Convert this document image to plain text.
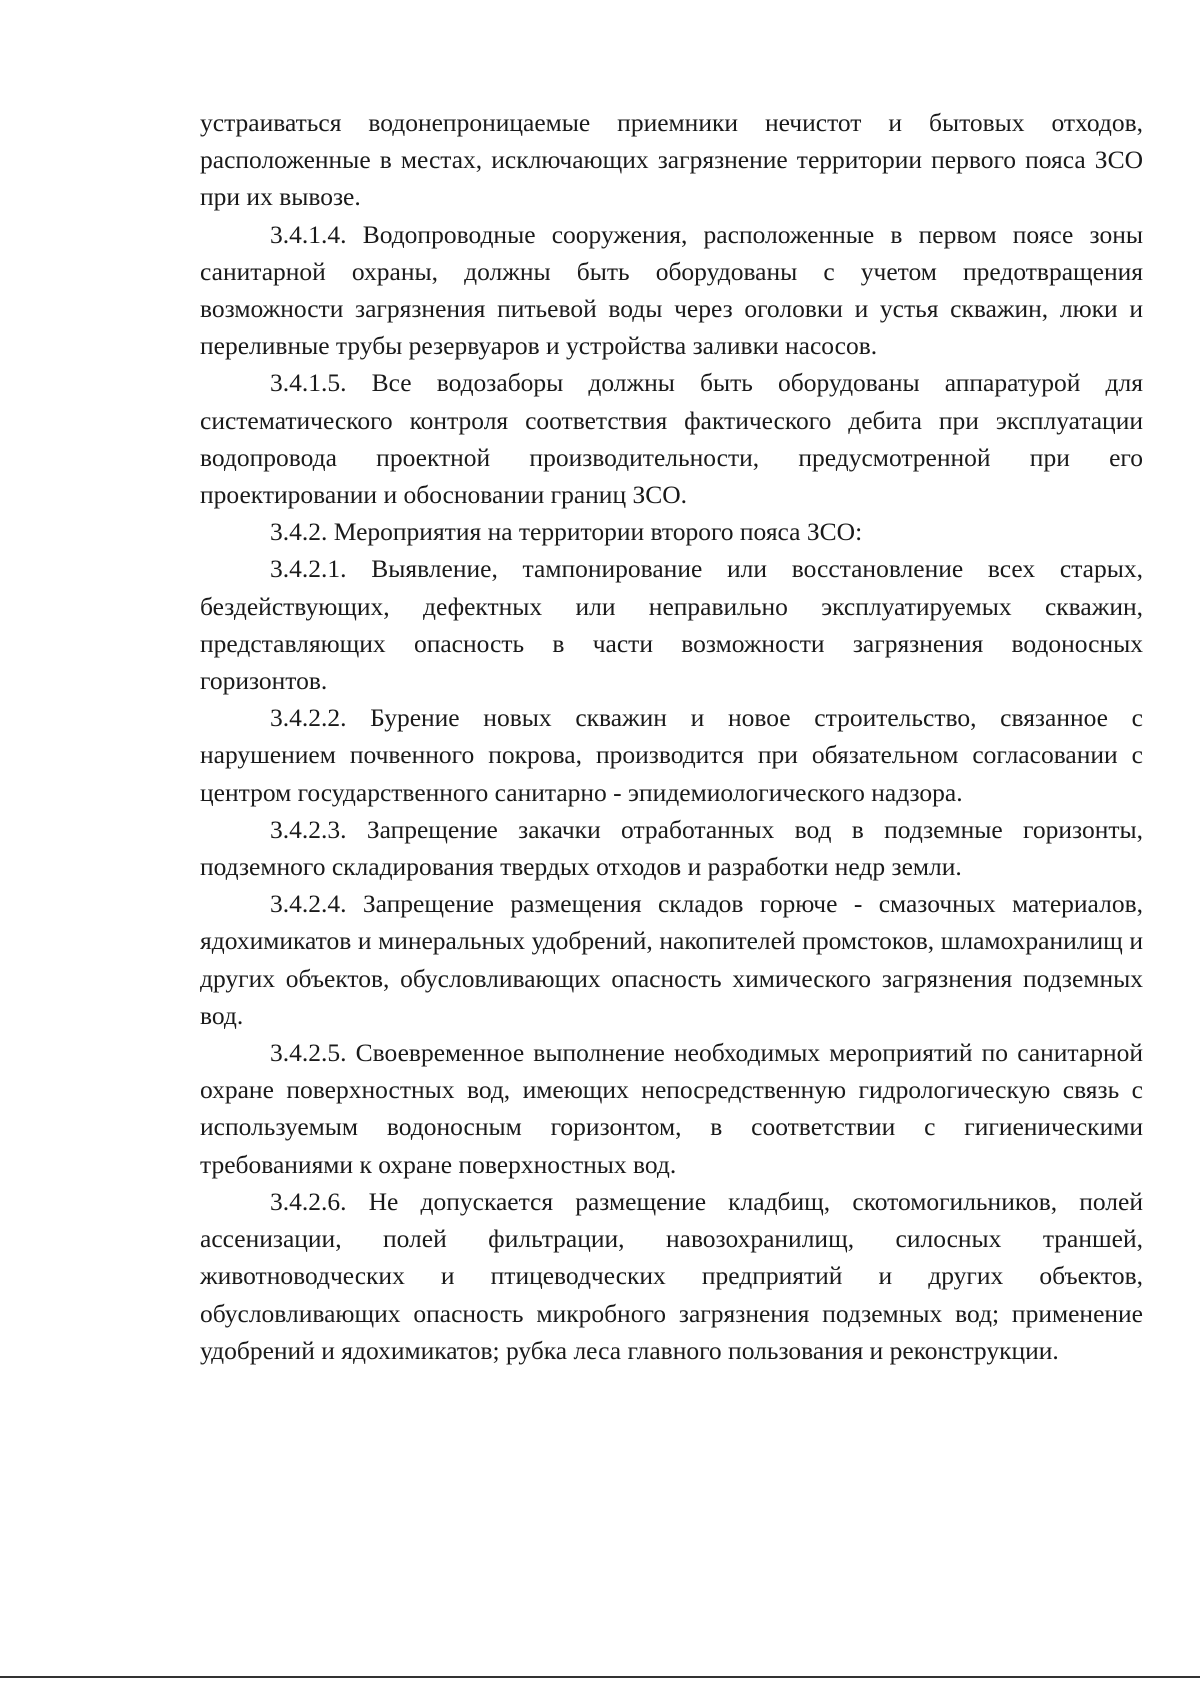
устраиваться водонепроницаемые приемники нечистот и бытовых отходов, расположенные в местах, исключающих загрязнение территории первого пояса ЗСО при их вывозе.

3.4.1.4. Водопроводные сооружения, расположенные в первом поясе зоны санитарной охраны, должны быть оборудованы с учетом предотвращения возможности загрязнения питьевой воды через оголовки и устья скважин, люки и переливные трубы резервуаров и устройства заливки насосов.

3.4.1.5. Все водозаборы должны быть оборудованы аппаратурой для систематического контроля соответствия фактического дебита при эксплуатации водопровода проектной производительности, предусмотренной при его проектировании и обосновании границ ЗСО.

3.4.2. Мероприятия на территории второго пояса ЗСО:

3.4.2.1. Выявление, тампонирование или восстановление всех старых, бездействующих, дефектных или неправильно эксплуатируемых скважин, представляющих опасность в части возможности загрязнения водоносных горизонтов.

3.4.2.2. Бурение новых скважин и новое строительство, связанное с нарушением почвенного покрова, производится при обязательном согласовании с центром государственного санитарно - эпидемиологического надзора.

3.4.2.3. Запрещение закачки отработанных вод в подземные горизонты, подземного складирования твердых отходов и разработки недр земли.

3.4.2.4. Запрещение размещения складов горюче - смазочных материалов, ядохимикатов и минеральных удобрений, накопителей промстоков, шламохранилищ и других объектов, обусловливающих опасность химического загрязнения подземных вод.

3.4.2.5. Своевременное выполнение необходимых мероприятий по санитарной охране поверхностных вод, имеющих непосредственную гидрологическую связь с используемым водоносным горизонтом, в соответствии с гигиеническими требованиями к охране поверхностных вод.

3.4.2.6. Не допускается размещение кладбищ, скотомогильников, полей ассенизации, полей фильтрации, навозохранилищ, силосных траншей, животноводческих и птицеводческих предприятий и других объектов, обусловливающих опасность микробного загрязнения подземных вод; применение удобрений и ядохимикатов; рубка леса главного пользования и реконструкции.
